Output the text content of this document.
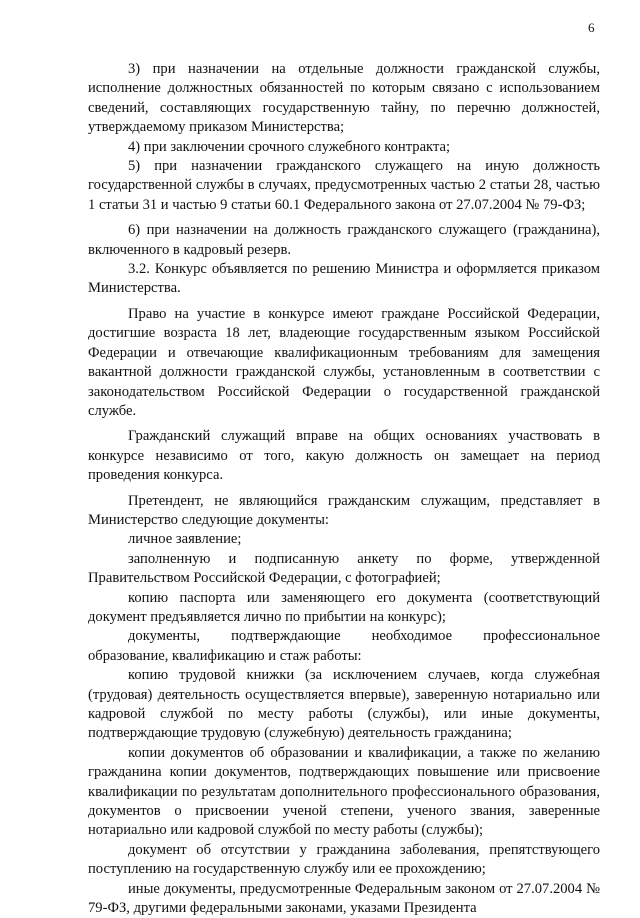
6

3) при назначении на отдельные должности гражданской службы, исполнение должностных обязанностей по которым связано с использованием сведений, составляющих государственную тайну, по перечню должностей, утверждаемому приказом Министерства;

4) при заключении срочного служебного контракта;

5) при назначении гражданского служащего на иную должность государственной службы в случаях, предусмотренных частью 2 статьи 28, частью 1 статьи 31 и частью 9 статьи 60.1 Федерального закона от 27.07.2004 № 79-ФЗ;

6) при назначении на должность гражданского служащего (гражданина), включенного в кадровый резерв.

3.2. Конкурс объявляется по решению Министра и оформляется приказом Министерства.

Право на участие в конкурсе имеют граждане Российской Федерации, достигшие возраста 18 лет, владеющие государственным языком Российской Федерации и отвечающие квалификационным требованиям для замещения вакантной должности гражданской службы, установленным в соответствии с законодательством Российской Федерации о государственной гражданской службе.

Гражданский служащий вправе на общих основаниях участвовать в конкурсе независимо от того, какую должность он замещает на период проведения конкурса.

Претендент, не являющийся гражданским служащим, представляет в Министерство следующие документы:

личное заявление;

заполненную и подписанную анкету по форме, утвержденной Правительством Российской Федерации, с фотографией;

копию паспорта или заменяющего его документа (соответствующий документ предъявляется лично по прибытии на конкурс);

документы, подтверждающие необходимое профессиональное образование, квалификацию и стаж работы:

копию трудовой книжки (за исключением случаев, когда служебная (трудовая) деятельность осуществляется впервые), заверенную нотариально или кадровой службой по месту работы (службы), или иные документы, подтверждающие трудовую (служебную) деятельность гражданина;

копии документов об образовании и квалификации, а также по желанию гражданина копии документов, подтверждающих повышение или присвоение квалификации по результатам дополнительного профессионального образования, документов о присвоении ученой степени, ученого звания, заверенные нотариально или кадровой службой по месту работы (службы);

документ об отсутствии у гражданина заболевания, препятствующего поступлению на государственную службу или ее прохождению;

иные документы, предусмотренные Федеральным законом от 27.07.2004 № 79-ФЗ, другими федеральными законами, указами Президента
